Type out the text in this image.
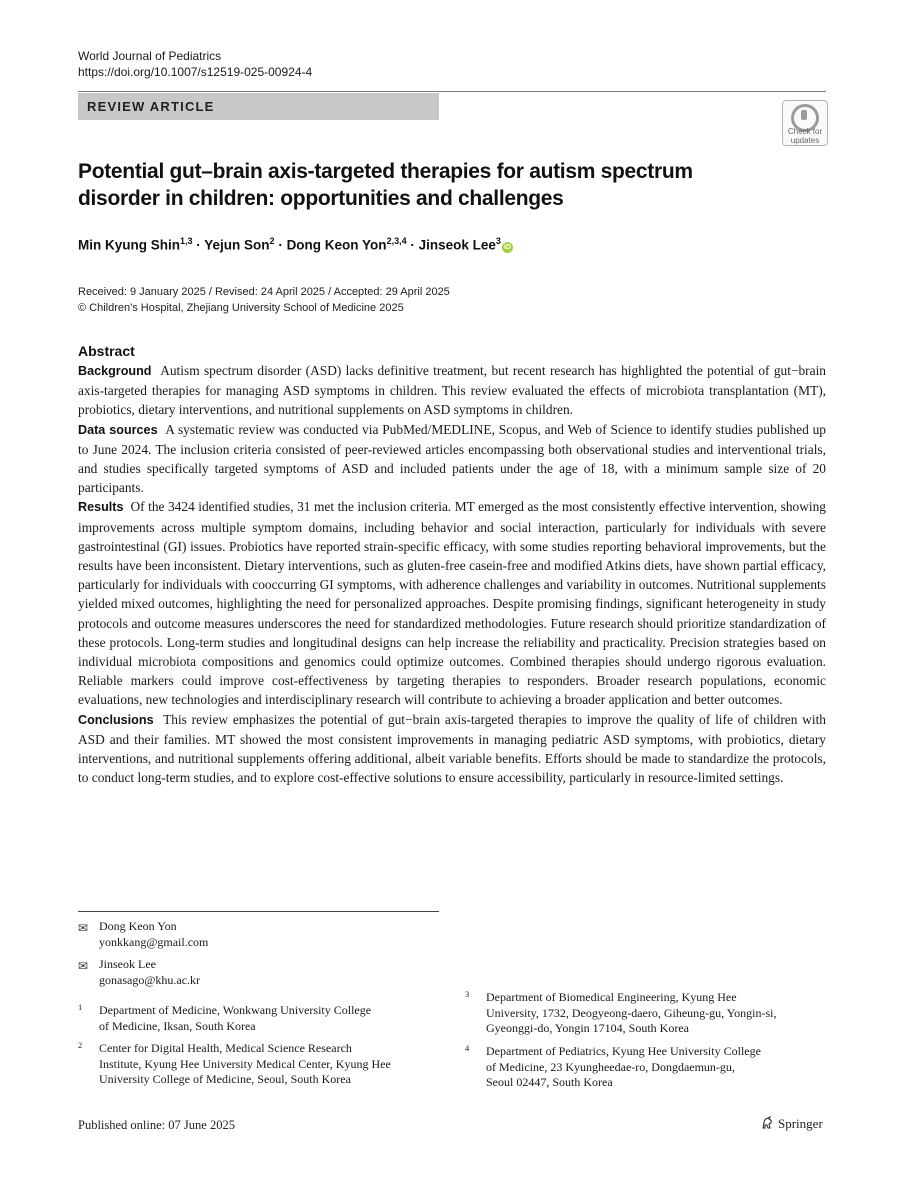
World Journal of Pediatrics
https://doi.org/10.1007/s12519-025-00924-4
REVIEW ARTICLE
Check for
updates
Potential gut–brain axis-targeted therapies for autism spectrum
disorder in children: opportunities and challenges
Min Kyung Shin$^{1,3}$ · Yejun Son$^2$ · Dong Keon Yon$^{2,3,4}$ · Jinseok Lee$^3$iD
Received: 9 January 2025 / Revised: 24 April 2025 / Accepted: 29 April 2025
© Children's Hospital, Zhejiang University School of Medicine 2025
Abstract
Background Autism spectrum disorder (ASD) lacks definitive treatment, but recent research has highlighted the potential of gut−brain axis-targeted therapies for managing ASD symptoms in children. This review evaluated the effects of microbiota transplantation (MT), probiotics, dietary interventions, and nutritional supplements on ASD symptoms in children.
Data sources A systematic review was conducted via PubMed/MEDLINE, Scopus, and Web of Science to identify studies published up to June 2024. The inclusion criteria consisted of peer-reviewed articles encompassing both observational studies and interventional trials, and studies specifically targeted symptoms of ASD and included patients under the age of 18, with a minimum sample size of 20 participants.
Results Of the 3424 identified studies, 31 met the inclusion criteria. MT emerged as the most consistently effective intervention, showing improvements across multiple symptom domains, including behavior and social interaction, particularly for individuals with severe gastrointestinal (GI) issues. Probiotics have reported strain-specific efficacy, with some studies reporting behavioral improvements, but the results have been inconsistent. Dietary interventions, such as gluten-free casein-free and modified Atkins diets, have shown partial efficacy, particularly for individuals with cooccurring GI symptoms, with adherence challenges and variability in outcomes. Nutritional supplements yielded mixed outcomes, highlighting the need for personalized approaches. Despite promising findings, significant heterogeneity in study protocols and outcome measures underscores the need for standardized methodologies. Future research should prioritize standardization of these protocols. Long-term studies and longitudinal designs can help increase the reliability and practicality. Precision strategies based on individual microbiota compositions and genomics could optimize outcomes. Combined therapies should undergo rigorous evaluation. Reliable markers could improve cost-effectiveness by targeting therapies to responders. Broader research populations, economic evaluations, new technologies and interdisciplinary research will contribute to achieving a broader application and better outcomes.
Conclusions This review emphasizes the potential of gut−brain axis-targeted therapies to improve the quality of life of children with ASD and their families. MT showed the most consistent improvements in managing pediatric ASD symptoms, with probiotics, dietary interventions, and nutritional supplements offering additional, albeit variable benefits. Efforts should be made to standardize the protocols, to conduct long-term studies, and to explore cost-effective solutions to ensure accessibility, particularly in resource-limited settings.
✉ Dong Keon Yon
yonkkang@gmail.com
✉ Jinseok Lee
gonasago@khu.ac.kr
1 Department of Medicine, Wonkwang University College
of Medicine, Iksan, South Korea
2 Center for Digital Health, Medical Science Research
Institute, Kyung Hee University Medical Center, Kyung Hee
University College of Medicine, Seoul, South Korea
3 Department of Biomedical Engineering, Kyung Hee
University, 1732, Deogyeong-daero, Giheung-gu, Yongin-si,
Gyeonggi-do, Yongin 17104, South Korea
4 Department of Pediatrics, Kyung Hee University College
of Medicine, 23 Kyungheedae-ro, Dongdaemun-gu,
Seoul 02447, South Korea
Published online: 07 June 2025	Springer
